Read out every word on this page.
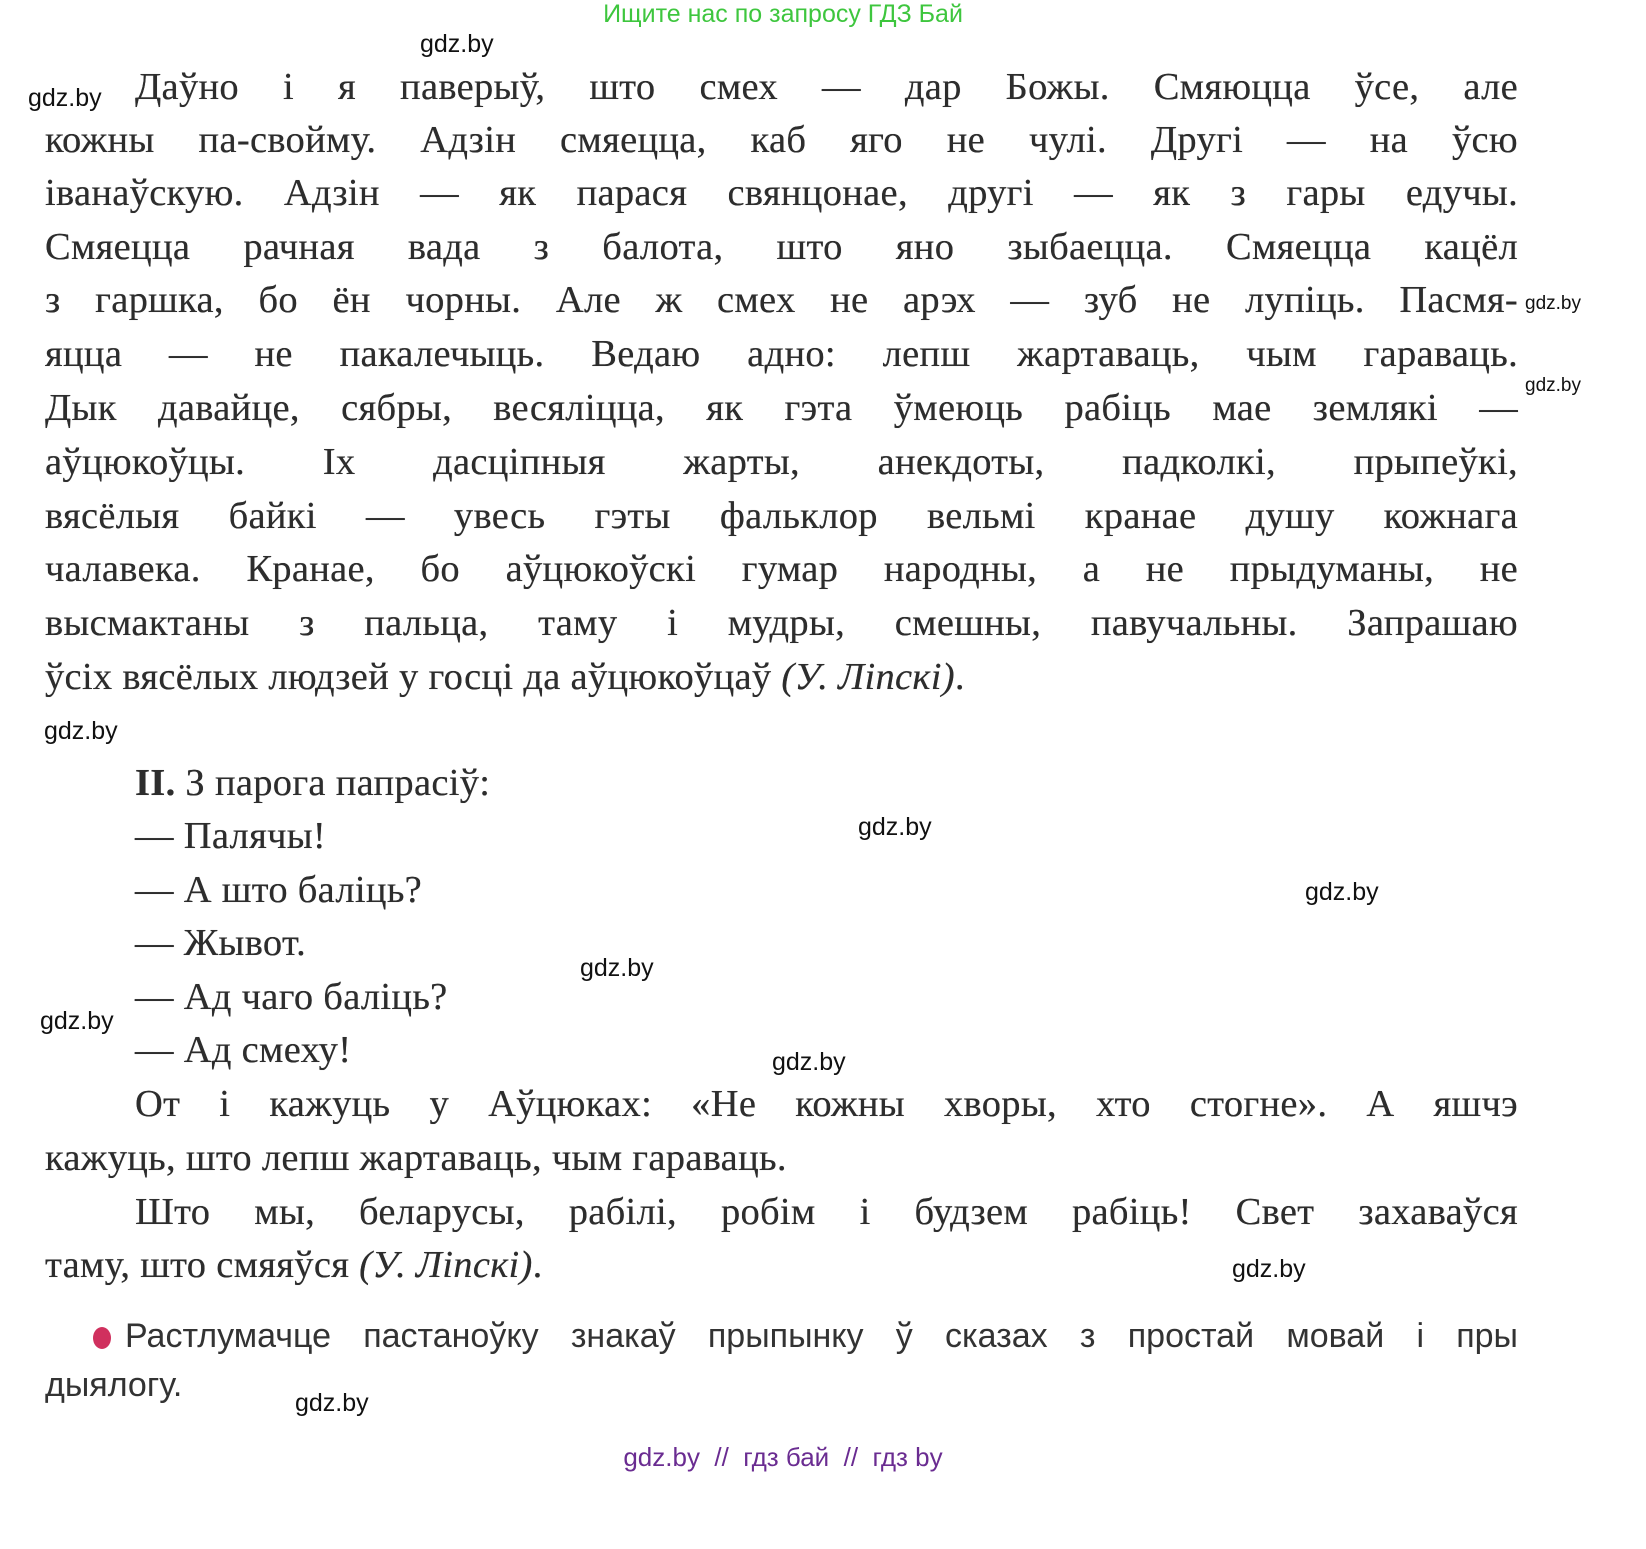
Ищите нас по запросу ГДЗ Бай
Даўно і я паверыў, што смех — дар Божы. Смяюцца ўсе, але
кожны па-свойму. Адзін смяецца, каб яго не чулі. Другі — на ўсю
іванаўскую. Адзін — як парася свянцонае, другі — як з гары едучы.
Смяецца рачная вада з балота, што яно зыбаецца. Смяецца кацёл
з гаршка, бо ён чорны. Але ж смех не арэх — зуб не лупіць. Пасмя-
яцца — не пакалечыць. Ведаю адно: лепш жартаваць, чым гараваць.
Дык давайце, сябры, весяліцца, як гэта ўмеюць рабіць мае землякі —
аўцюкоўцы. Іх дасціпныя жарты, анекдоты, падколкі, прыпеўкі,
вясёлыя байкі — увесь гэты фальклор вельмі кранае душу кожнага
чалавека. Кранае, бо аўцюкоўскі гумар народны, а не прыдуманы, не
высмактаны з пальца, таму і мудры, смешны, павучальны. Запрашаю
ўсіх вясёлых людзей у госці да аўцюкоўцаў (У. Ліпскі).
II. З парога папрасіў:
— Палячы!
— А што баліць?
— Жывот.
— Ад чаго баліць?
— Ад смеху!
От і кажуць у Аўцюках: «Не кожны хворы, хто стогне». А яшчэ
кажуць, што лепш жартаваць, чым гараваць.
Што мы, беларусы, рабілі, робім і будзем рабіць! Свет захаваўся
таму, што смяяўся (У. Ліпскі).
Растлумачце пастаноўку знакаў прыпынку ў сказах з простай мовай і пры
дыялогу.
gdz.by
gdz.by
gdz.by
gdz.by
gdz.by
gdz.by
gdz.by
gdz.by
gdz.by
gdz.by
gdz.by
gdz.by
gdz.by  //  гдз бай  //  гдз by
